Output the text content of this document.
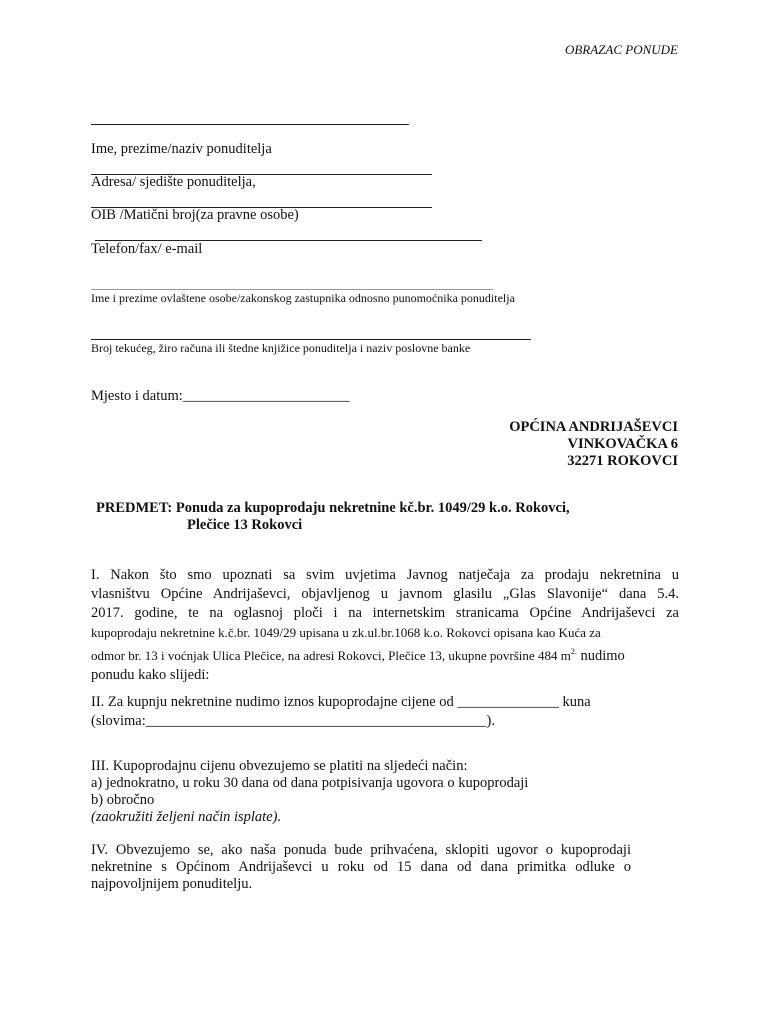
OBRAZAC PONUDE
Ime, prezime/naziv ponuditelja
Adresa/ sjedište ponuditelja,
OIB /Matični broj(za pravne osobe)
Telefon/fax/ e-mail
Ime i prezime ovlaštene osobe/zakonskog zastupnika odnosno punomoćnika ponuditelja
Broj tekućeg, žiro računa ili štedne knjižice ponuditelja i naziv poslovne banke
Mjesto i datum:_______________________
OPĆINA ANDRIJAŠEVCI
VINKOVAČKA 6
32271 ROKOVCI
PREDMET: Ponuda za kupoprodaju nekretnine kč.br. 1049/29 k.o. Rokovci,
Plečice 13 Rokovci
I. Nakon što smo upoznati sa svim uvjetima Javnog natječaja za prodaju nekretnina u
vlasništvu Općine Andrijaševci, objavljenog u javnom glasilu „Glas Slavonije“ dana 5.4.
2017. godine, te na oglasnoj ploči i na internetskim stranicama Općine Andrijaševci za
kupoprodaju nekretnine k.č.br. 1049/29 upisana u zk.ul.br.1068 k.o. Rokovci opisana kao Kuća za
odmor br. 13 i voćnjak Ulica Plečice, na adresi Rokovci, Plečice 13, ukupne površine 484 $m^{2.}$ nudimo
ponudu kako slijedi:
II. Za kupnju nekretnine nudimo iznos kupoprodajne cijene od ______________ kuna
(slovima:_______________________________________________).
III. Kupoprodajnu cijenu obvezujemo se platiti na sljedeći način:
a) jednokratno, u roku 30 dana od dana potpisivanja ugovora o kupoprodaji
b) obročno
(zaokružiti željeni način isplate).
IV. Obvezujemo se, ako naša ponuda bude prihvaćena, sklopiti ugovor o kupoprodaji
nekretnine s Općinom Andrijaševci u roku od 15 dana od dana primitka odluke o
najpovoljnijem ponuditelju.
